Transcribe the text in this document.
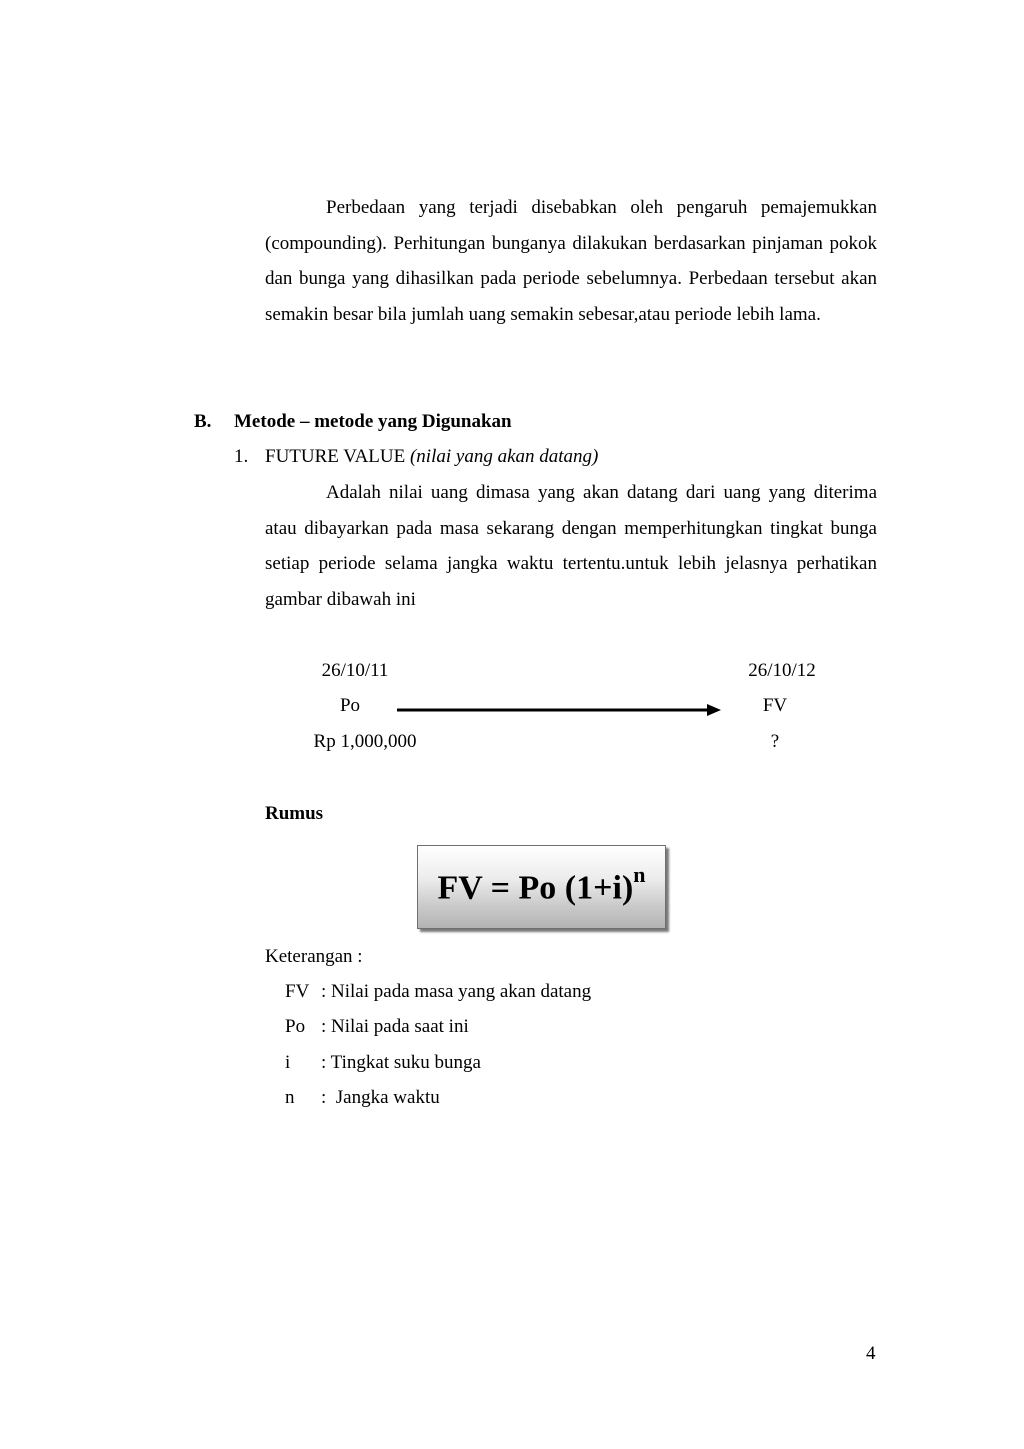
Perbedaan yang terjadi disebabkan oleh pengaruh pemajemukkan (compounding). Perhitungan bunganya dilakukan berdasarkan pinjaman pokok dan bunga yang dihasilkan pada periode sebelumnya. Perbedaan tersebut akan semakin besar bila jumlah uang semakin sebesar,atau periode lebih lama.

B. Metode – metode yang Digunakan
1. FUTURE VALUE (nilai yang akan datang)

Adalah nilai uang dimasa yang akan datang dari uang yang diterima atau dibayarkan pada masa sekarang dengan memperhitungkan tingkat bunga setiap periode selama jangka waktu tertentu.untuk lebih jelasnya perhatikan gambar dibawah ini

26/10/11
Po
Rp 1,000,000
26/10/12
FV
?
Rumus
FV = Po $(1+i)^n$
Keterangan :
FV : Nilai pada masa yang akan datang
Po : Nilai pada saat ini
i : Tingkat suku bunga
n :  Jangka waktu
4
